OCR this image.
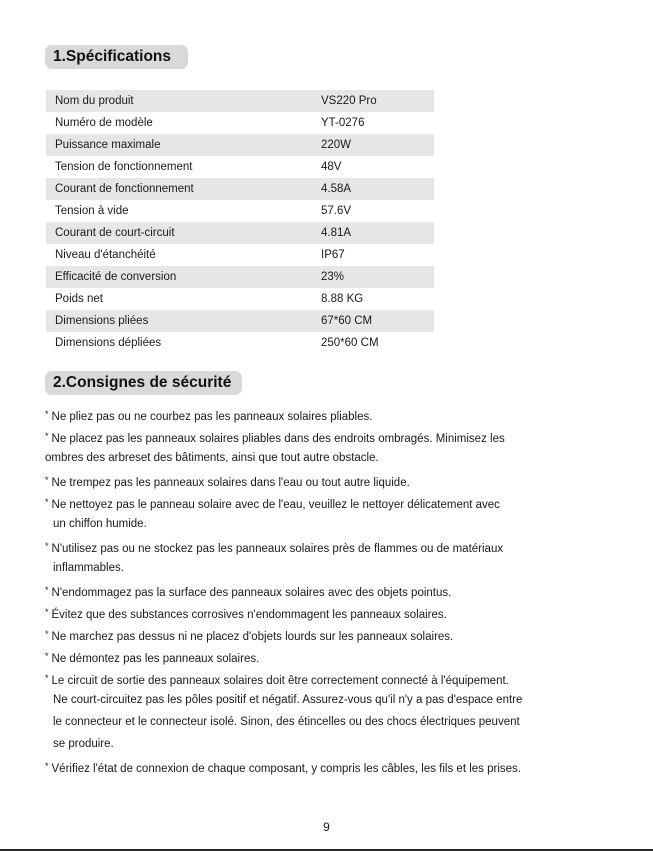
1.Spécifications
Nom du produit	VS220 Pro
Numéro de modèle	YT-0276
Puissance maximale	220W
Tension de fonctionnement	48V
Courant de fonctionnement	4.58A
Tension à vide	57.6V
Courant de court-circuit	4.81A
Niveau d'étanchéité	IP67
Efficacité de conversion	23%
Poids net	8.88 KG
Dimensions pliées	67*60 CM
Dimensions dépliées	250*60 CM
2.Consignes de sécurité
* Ne pliez pas ou ne courbez pas les panneaux solaires pliables.
* Ne placez pas les panneaux solaires pliables dans des endroits ombragés. Minimisez les
ombres des arbreset des bâtiments, ainsi que tout autre obstacle.
* Ne trempez pas les panneaux solaires dans l'eau ou tout autre liquide.
* Ne nettoyez pas le panneau solaire avec de l'eau, veuillez le nettoyer délicatement avec
un chiffon humide.
* N'utilisez pas ou ne stockez pas les panneaux solaires près de flammes ou de matériaux
inflammables.
* N'endommagez pas la surface des panneaux solaires avec des objets pointus.
* Évitez que des substances corrosives n'endommagent les panneaux solaires.
* Ne marchez pas dessus ni ne placez d'objets lourds sur les panneaux solaires.
* Ne démontez pas les panneaux solaires.
* Le circuit de sortie des panneaux solaires doit être correctement connecté à l'équipement.
Ne court-circuitez pas les pôles positif et négatif. Assurez-vous qu'il n'y a pas d'espace entre
le connecteur et le connecteur isolé. Sinon, des étincelles ou des chocs électriques peuvent
se produire.
* Vérifiez l'état de connexion de chaque composant, y compris les câbles, les fils et les prises.
9
